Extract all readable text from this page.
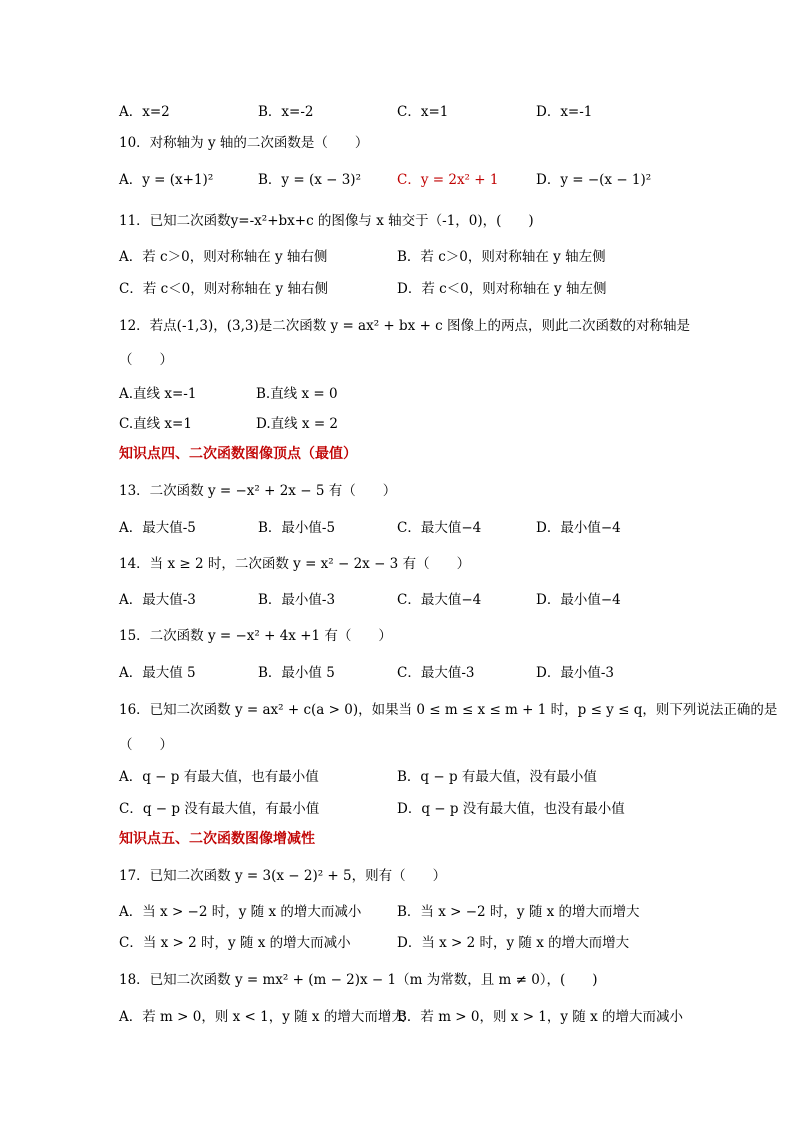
A．x=2	B．x=-2	C．x=1	D．x=-1
10．对称轴为 y 轴的二次函数是（　　）
A．y = (x+1)²	B．y = (x − 3)²	C．y = 2x² + 1	D．y = −(x − 1)²
11．已知二次函数y=-x²+bx+c 的图像与 x 轴交于（-1，0)，(　　)
A．若 c＞0，则对称轴在 y 轴右侧	B．若 c＞0，则对称轴在 y 轴左侧
C．若 c＜0，则对称轴在 y 轴右侧	D．若 c＜0，则对称轴在 y 轴左侧
12．若点(-1,3)，(3,3)是二次函数 y = ax² + bx + c 图像上的两点，则此二次函数的对称轴是
（　　）
A.直线 x=-1	B.直线 x = 0
C.直线 x=1	D.直线 x = 2
知识点四、二次函数图像顶点（最值）
13．二次函数 y = −x² + 2x − 5 有（　　）
A．最大值-5	B．最小值-5	C．最大值−4	D．最小值−4
14．当 x ≥ 2 时，二次函数 y = x² − 2x − 3 有（　　）
A．最大值-3	B．最小值-3	C．最大值−4	D．最小值−4
15．二次函数 y = −x² + 4x +1 有（　　）
A．最大值 5	B．最小值 5	C．最大值-3	D．最小值-3
16．已知二次函数 y = ax² + c(a > 0)，如果当 0 ≤ m ≤ x ≤ m + 1 时，p ≤ y ≤ q，则下列说法正确的是
（　　）
A．q − p 有最大值，也有最小值	B．q − p 有最大值，没有最小值
C．q − p 没有最大值，有最小值	D．q − p 没有最大值，也没有最小值
知识点五、二次函数图像增减性
17．已知二次函数 y = 3(x − 2)² + 5，则有（　　）
A．当 x > −2 时，y 随 x 的增大而减小	B．当 x > −2 时，y 随 x 的增大而增大
C．当 x > 2 时，y 随 x 的增大而减小	D．当 x > 2 时，y 随 x 的增大而增大
18．已知二次函数 y = mx² + (m − 2)x − 1（m 为常数，且 m ≠ 0），(　　)
A．若 m > 0，则 x < 1，y 随 x 的增大而增大
B．若 m > 0，则 x > 1，y 随 x 的增大而减小
